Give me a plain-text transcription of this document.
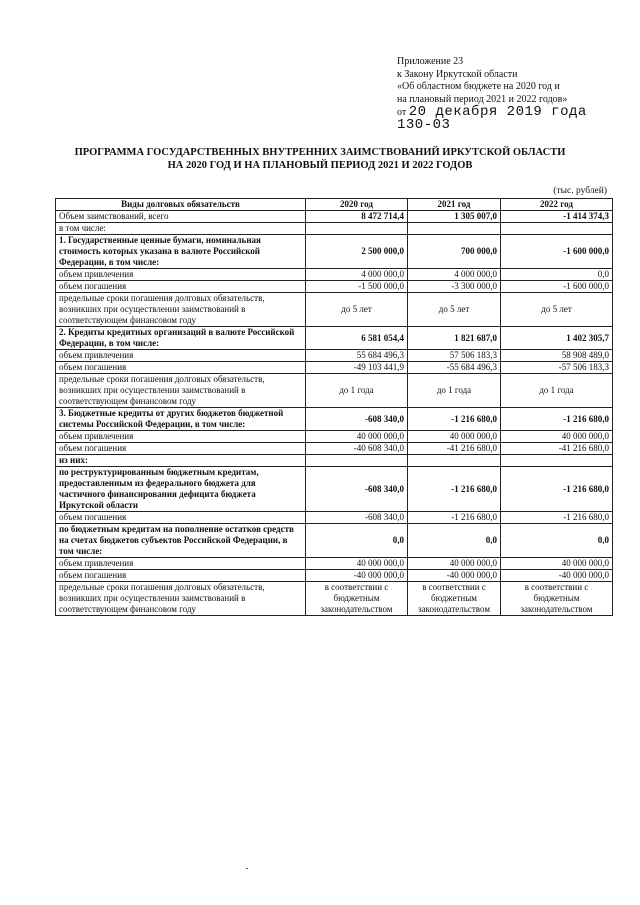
Приложение 23
к Закону Иркутской области
«Об областном бюджете на 2020 год и
на плановый период 2021 и 2022 годов»
от 20 декабря 2019 года
130-03
ПРОГРАММА ГОСУДАРСТВЕННЫХ ВНУТРЕННИХ ЗАИМСТВОВАНИЙ ИРКУТСКОЙ ОБЛАСТИ
НА 2020 ГОД И НА ПЛАНОВЫЙ ПЕРИОД 2021 И 2022 ГОДОВ
(тыс. рублей)
Виды долговых обязательств	2020 год	2021 год	2022 год
Объем заимствований, всего	8 472 714,4	1 305 007,0	-1 414 374,3
в том числе:			
1. Государственные ценные бумаги, номинальная стоимость которых указана в валюте Российской Федерации, в том числе:	2 500 000,0	700 000,0	-1 600 000,0
объем привлечения	4 000 000,0	4 000 000,0	0,0
объем погашения	-1 500 000,0	-3 300 000,0	-1 600 000,0
предельные сроки погашения долговых обязательств, возникших при осуществлении заимствований в соответствующем финансовом году	до 5 лет	до 5 лет	до 5 лет
2. Кредиты кредитных организаций в валюте Российской Федерации, в том числе:	6 581 054,4	1 821 687,0	1 402 305,7
объем привлечения	55 684 496,3	57 506 183,3	58 908 489,0
объем погашения	-49 103 441,9	-55 684 496,3	-57 506 183,3
предельные сроки погашения долговых обязательств, возникших при осуществлении заимствований в соответствующем финансовом году	до 1 года	до 1 года	до 1 года
3. Бюджетные кредиты от других бюджетов бюджетной системы Российской Федерации, в том числе:	-608 340,0	-1 216 680,0	-1 216 680,0
объем привлечения	40 000 000,0	40 000 000,0	40 000 000,0
объем погашения	-40 608 340,0	-41 216 680,0	-41 216 680,0
из них:			
по реструктурированным бюджетным кредитам, предоставленным из федерального бюджета для частичного финансирования дефицита бюджета Иркутской области	-608 340,0	-1 216 680,0	-1 216 680,0
объем погашения	-608 340,0	-1 216 680,0	-1 216 680,0
по бюджетным кредитам на пополнение остатков средств на счетах бюджетов субъектов Российской Федерации, в том числе:	0,0	0,0	0,0
объем привлечения	40 000 000,0	40 000 000,0	40 000 000,0
объем погашения	-40 000 000,0	-40 000 000,0	-40 000 000,0
предельные сроки погашения долговых обязательств, возникших при осуществлении заимствований в соответствующем финансовом году	в соответствии с бюджетным законодательством	в соответствии с бюджетным законодательством	в соответствии с бюджетным законодательством
